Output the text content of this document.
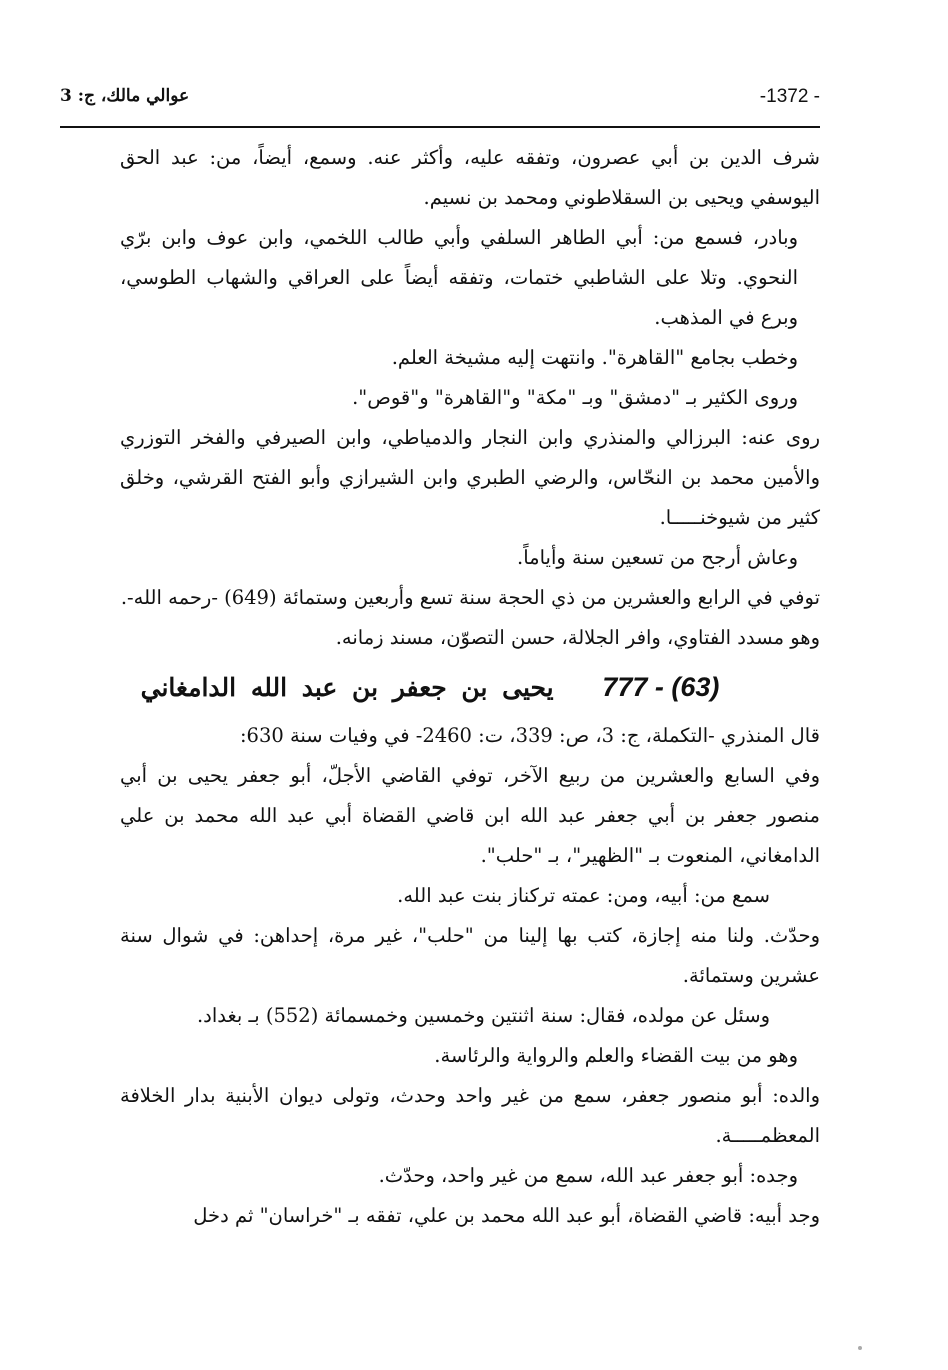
-1372 -
عوالي مالك، ج: 3

شرف الدين بن أبي عصرون، وتفقه عليه، وأكثر عنه. وسمع، أيضاً، من: عبد الحق اليوسفي ويحيى بن السقلاطوني ومحمد بن نسيم.

وبادر، فسمع من: أبي الطاهر السلفي وأبي طالب اللخمي، وابن عوف وابن برّي النحوي. وتلا على الشاطبي ختمات، وتفقه أيضاً على العراقي والشهاب الطوسي، وبرع في المذهب.

وخطب بجامع "القاهرة". وانتهت إليه مشيخة العلم.

وروى الكثير بـ "دمشق" وبـ "مكة" و"القاهرة" و"قوص".

روى عنه: البرزالي والمنذري وابن النجار والدمياطي، وابن الصيرفي والفخر التوزري والأمين محمد بن النحّاس، والرضي الطبري وابن الشيرازي وأبو الفتح القرشي، وخلق كثير من شيوخنـــــا.

وعاش أرجح من تسعين سنة وأياماً.

توفي في الرابع والعشرين من ذي الحجة سنة تسع وأربعين وستمائة (649) -رحمه الله-.

وهو مسدد الفتاوي، وافر الجلالة، حسن التصوّن، مسند زمانه.

777 - (63) يحيى بن جعفر بن عبد الله الدامغاني

قال المنذري -التكملة، ج: 3، ص: 339، ت: 2460- في وفيات سنة 630:

وفي السابع والعشرين من ربيع الآخر، توفي القاضي الأجلّ، أبو جعفر يحيى بن أبي منصور جعفر بن أبي جعفر عبد الله ابن قاضي القضاة أبي عبد الله محمد بن علي الدامغاني، المنعوت بـ "الظهير"، بـ "حلب".

سمع من: أبيه، ومن: عمته تركناز بنت عبد الله.

وحدّث. ولنا منه إجازة، كتب بها إلينا من "حلب"، غير مرة، إحداهن: في شوال سنة عشرين وستمائة.

وسئل عن مولده، فقال: سنة اثنتين وخمسين وخمسمائة (552) بـ بغداد.

وهو من بيت القضاء والعلم والرواية والرئاسة.

والده: أبو منصور جعفر، سمع من غير واحد وحدث، وتولى ديوان الأبنية بدار الخلافة المعظمـــــة.

وجده: أبو جعفر عبد الله، سمع من غير واحد، وحدّث.

وجد أبيه: قاضي القضاة، أبو عبد الله محمد بن علي، تفقه بـ "خراسان" ثم دخل
